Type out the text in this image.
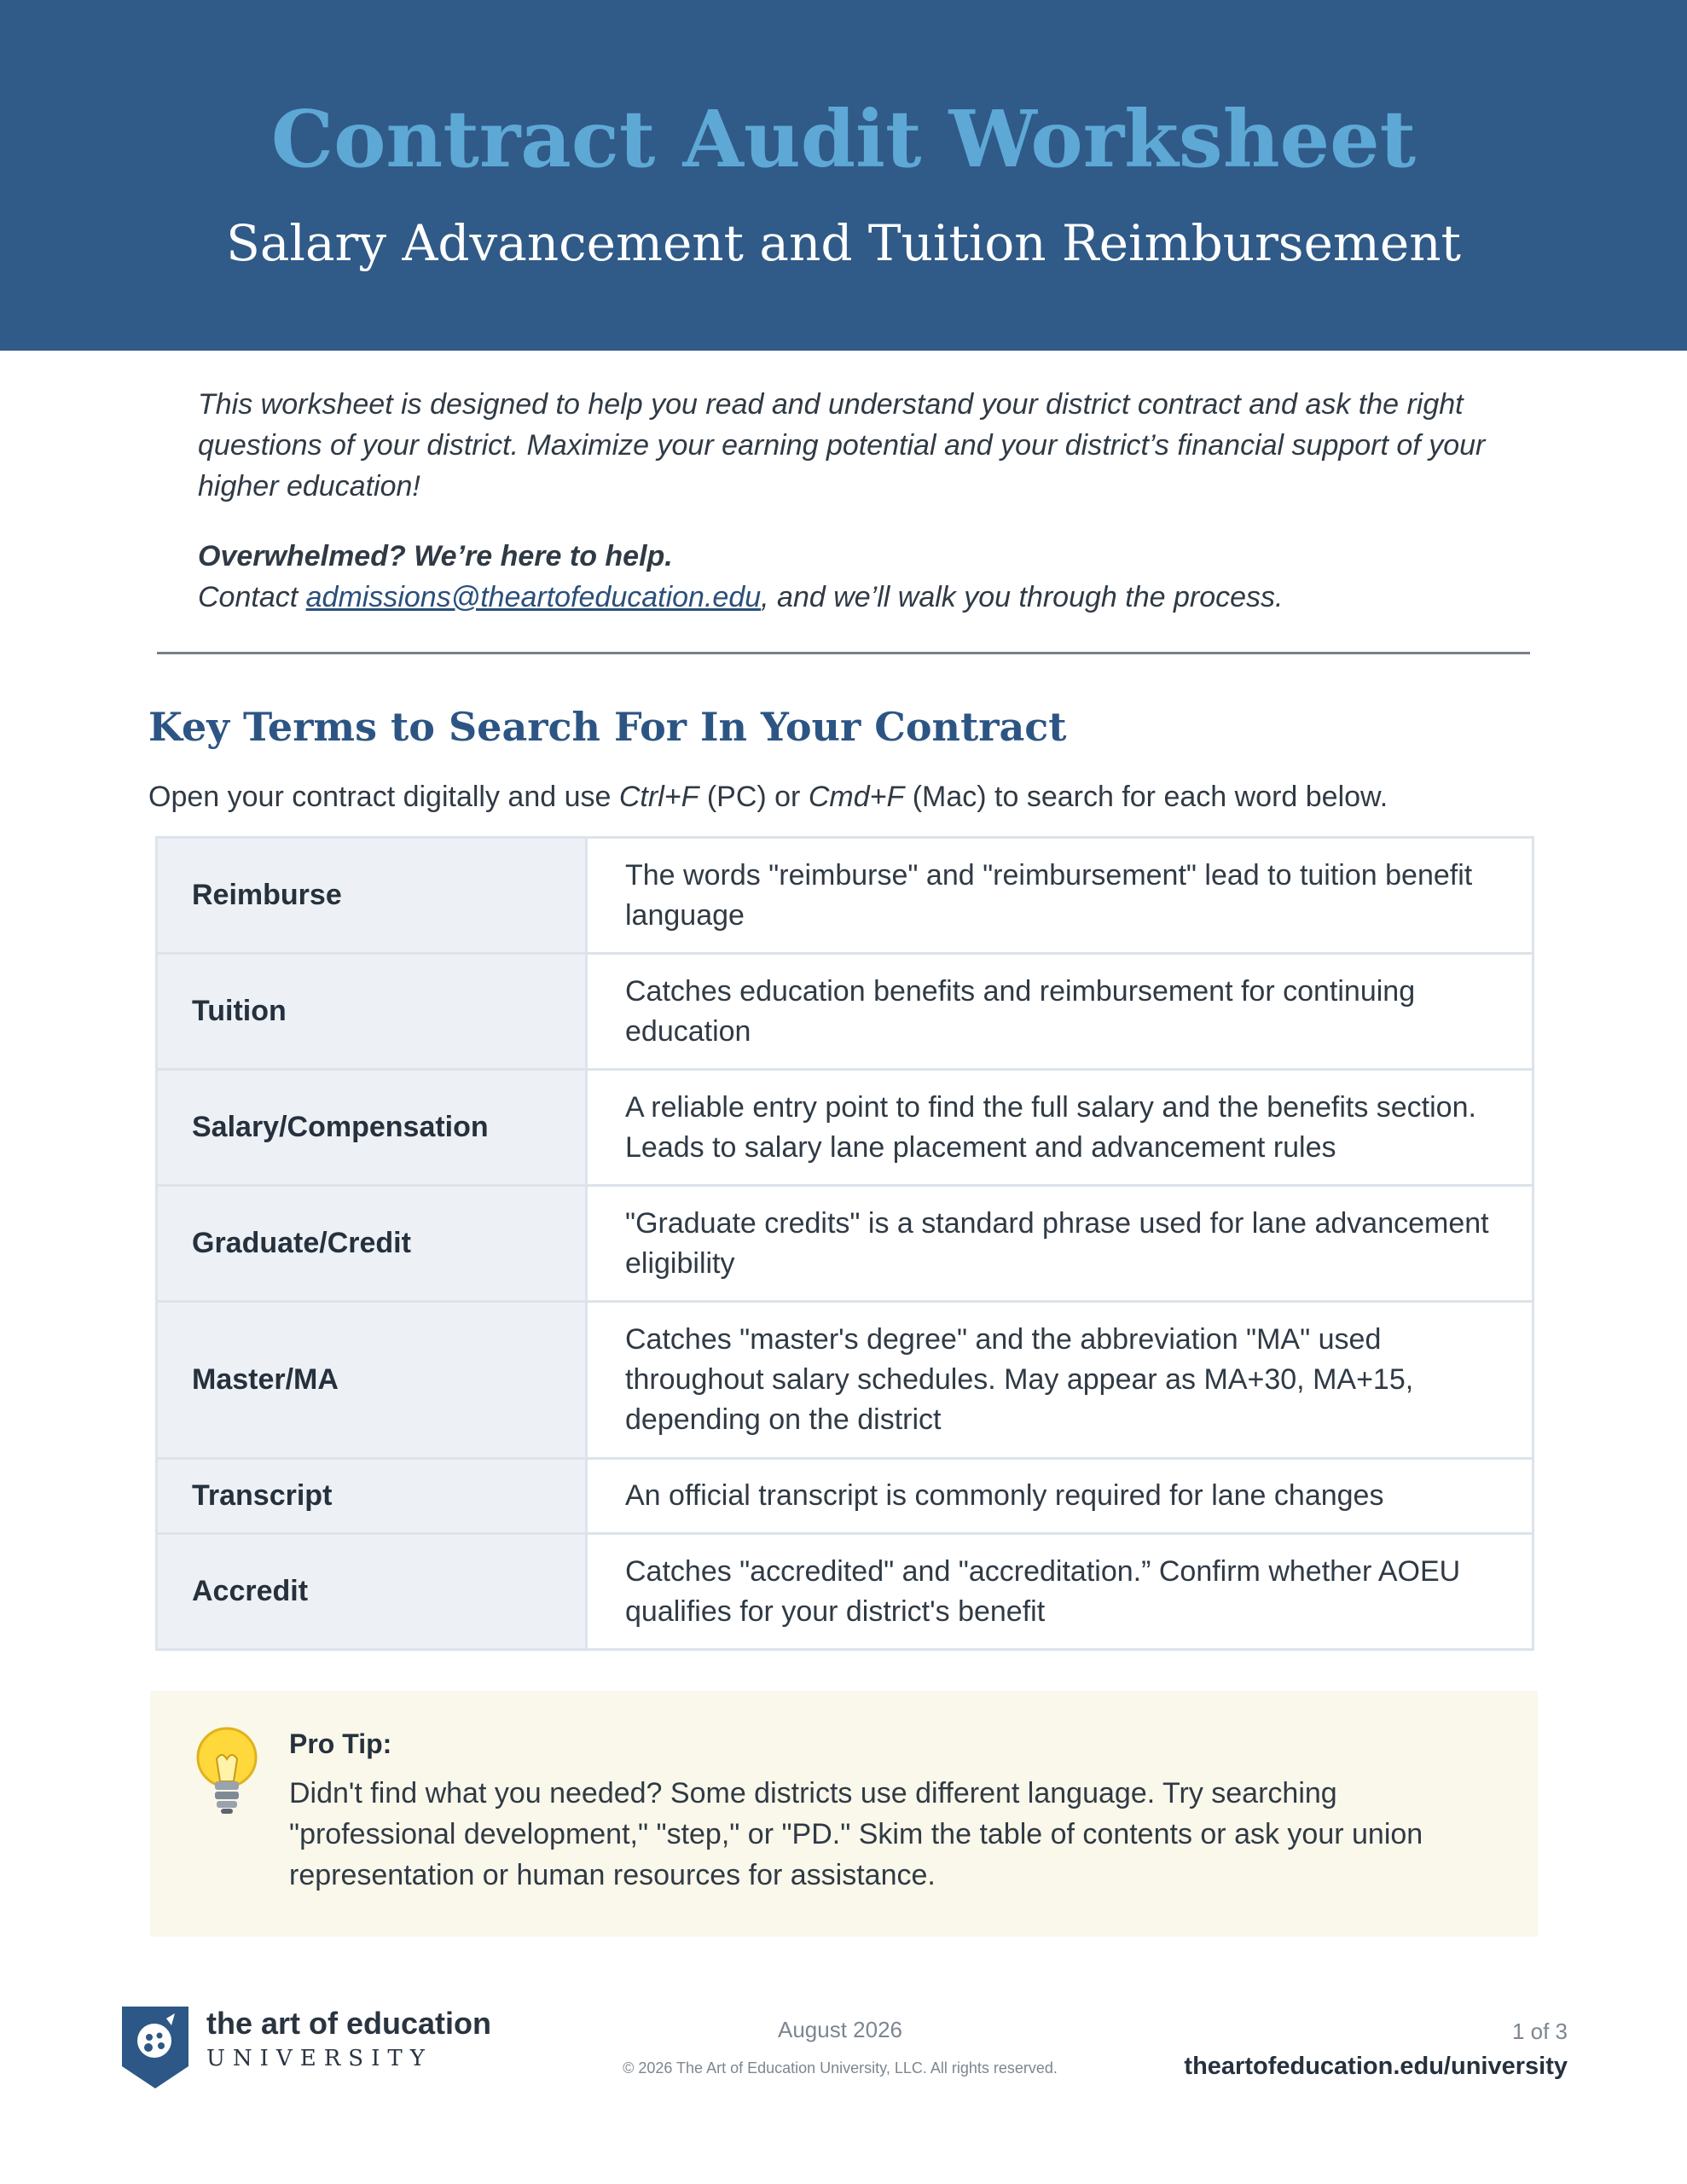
Contract Audit Worksheet
Salary Advancement and Tuition Reimbursement

This worksheet is designed to help you read and understand your district contract and ask the right questions of your district. Maximize your earning potential and your district’s financial support of your higher education!

Overwhelmed? We’re here to help.
Contact admissions@theartofeducation.edu, and we’ll walk you through the process.
Key Terms to Search For In Your Contract
Open your contract digitally and use Ctrl+F (PC) or Cmd+F (Mac) to search for each word below.
Reimburse	The words "reimburse" and "reimbursement" lead to tuition benefit language
Tuition	Catches education benefits and reimbursement for continuing education
Salary/Compensation	A reliable entry point to find the full salary and the benefits section. Leads to salary lane placement and advancement rules
Graduate/Credit	"Graduate credits" is a standard phrase used for lane advancement eligibility
Master/MA	Catches "master's degree" and the abbreviation "MA" used throughout salary schedules. May appear as MA+30, MA+15, depending on the district
Transcript	An official transcript is commonly required for lane changes
Accredit	Catches "accredited" and "accreditation.” Confirm whether AOEU qualifies for your district's benefit
Pro Tip:
Didn't find what you needed? Some districts use different language. Try searching "professional development," "step," or "PD." Skim the table of contents or ask your union representation or human resources for assistance.
the art of education
UNIVERSITY
August 2026
© 2026 The Art of Education University, LLC. All rights reserved.
1 of 3
theartofeducation.edu/university
